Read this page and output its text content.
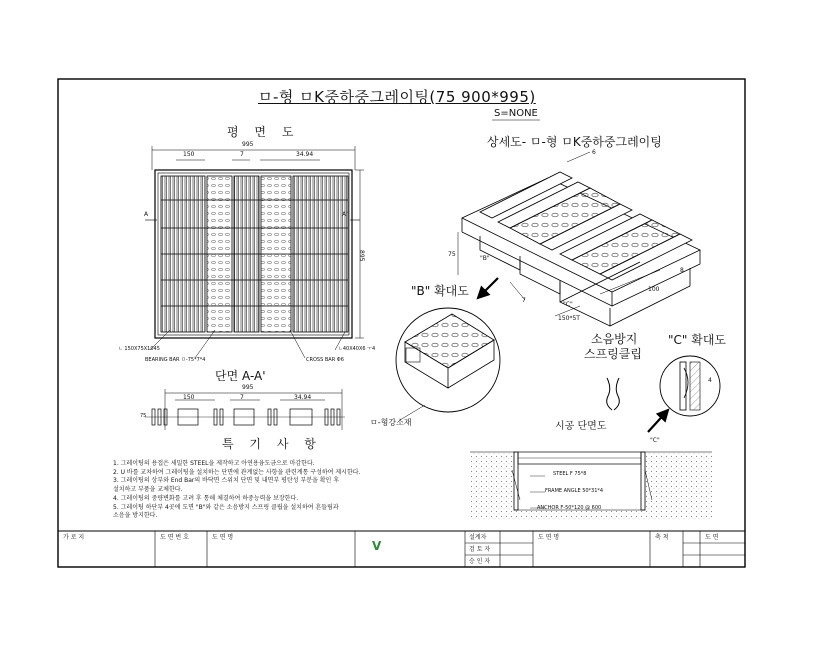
ㅁ-형 ㅁK중하중그레이팅(75 900*995)
S=NONE
평 면 도
995
150	7	34.94
895
A	A'
ㄴ 150X75X1045
BEARING BAR ㅁ-75*7*4	CROSS BAR Φ6
ㄴ40X40X6 ㅜ4
단면 A-A'
995
150	7	34.94
75
특 기 사 항
1. 그레이팅의 용접은 세밀한 STEEL을 제작하고 아연용융도금으로 마감한다.
2. U 바를 교차하여 그레이팅을 설치하는 단면에 관계없는 사항을 관련계통 구성하여 제시한다.
3. 그레이팅의 상부와 End Bar의 바닥면 스위치 단면 및 내면부 평탄성 부분을 확인 후
설치하고 부품을 교체한다.
4. 그레이팅의 중량변화를 고려 후 통해 체결하여 하중능력을 보장한다.
5. 그레이팅 하단부 4곳에 도면 "B"와 같은 소음방지 스프링 클립을 설치하여 흔들림과
소음을 방지한다.
상세도- ㅁ-형 ㅁK중하중그레이팅
6
75
8
100
150*5T
7
"B"
"C"
"B" 확대도
ㅁ-형강소재
소음방지
스프링클립
"C" 확대도
4
"C"
시공 단면도
STEEL F 75*8
FRAME ANGLE 50*31*4
ANCHOR F-50*120 @ 600
가 로 지	도 면 번 호	도 면 명	설계자
검 토 자
승 인 자
도 면 명	축 척	도 면
V
